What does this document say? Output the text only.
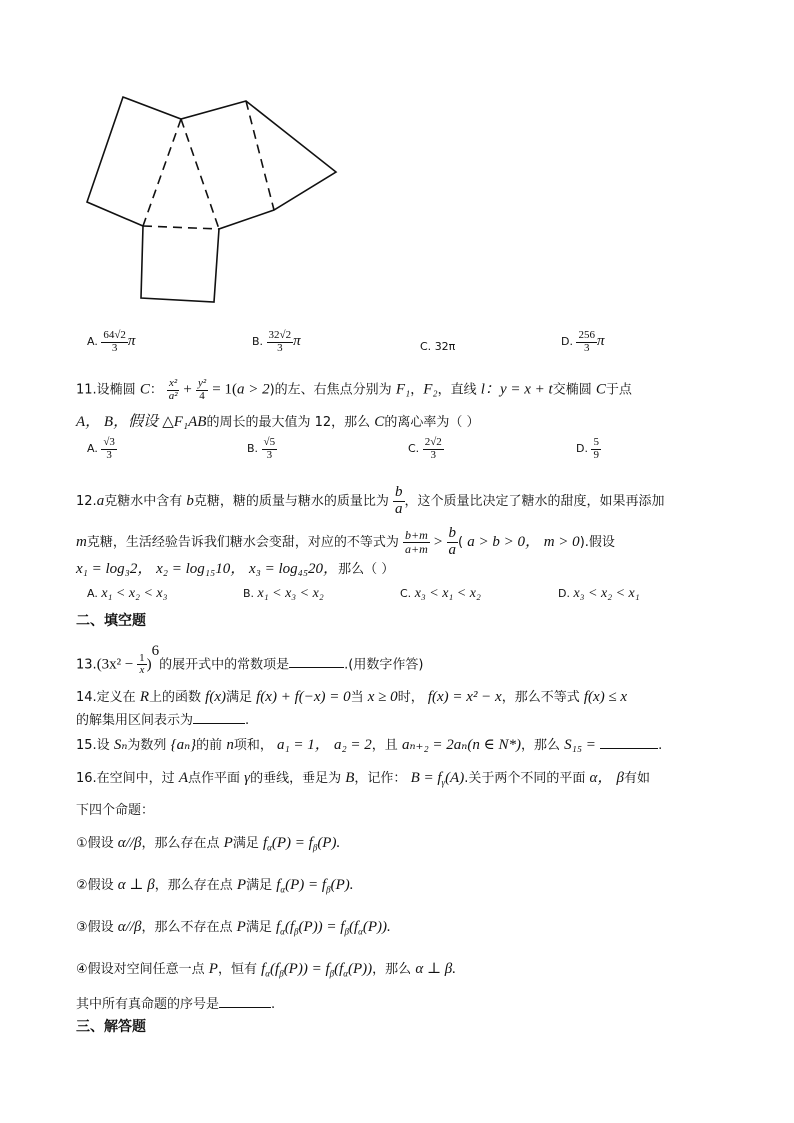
A. $\frac{64√2}{3}$ π	B. $\frac{32√2}{3}$ π	C. 32π	D. $\frac{256}{3}$ π
11.设椭圆 C： $\frac{\text{x²}}{\text{a²}} + \frac{\text{y²}}{4} = 1(a > 2)$的左、右焦点分别为 F₁，F₂，直线 l：y = x + t交椭圆 C于点
A， B，假设 △F₁AB的周长的最大值为 12，那么 C的离心率为（ ）
A. $\frac{√3}{3}$	B. $\frac{√5}{3}$	C. $\frac{2√2}{3}$	D. $\frac{5}{9}$
12.a克糖水中含有 b克糖，糖的质量与糖水的质量比为 $\frac{b}{a}$ ，这个质量比决定了糖水的甜度，如果再添加
m克糖，生活经验告诉我们糖水会变甜，对应的不等式为 $\frac{b+m}{a+m} > \frac{b}{a}$ ( a > b > 0， m > 0).假设
x₁ = log₃2， x₂ = log₁₅10， x₃ = log₄₅20，那么（ ）
A. x₁ < x₂ < x₃	B. x₁ < x₃ < x₂	C. x₃ < x₁ < x₂	D. x₃ < x₂ < x₁
二、填空题
$13.(3x^2 - \frac{1}{x} )^6$的展开式中的常数项是	.(用数字作答)
14.定义在 R上的函数 f(x)满足 f(x) + f(−x) = 0当 x ≥ 0时， f(x) = x² − x，那么不等式 f(x) ≤ x
的解集用区间表示为	.
15.设 Sₙ为数列 {aₙ}的前 n项和， a₁ = 1， a₂ = 2，且 aₙ₊₂ = 2aₙ(n ∈ N*)，那么 S₁₅ =	.
16.在空间中，过 A点作平面 γ的垂线，垂足为 B，记作： $B = f_\gamma(A)$.关于两个不同的平面 α， β有如
下四个命题：
①假设 α//β，那么存在点 P满足 $f_\alpha(P) = f_\beta(P)$.
②假设 α ⊥ β，那么存在点 P满足 $f_\alpha(P) = f_\beta(P)$.
③假设 α//β，那么不存在点 P满足 $f_\alpha(f_\beta(P)) = f_\beta(f_\alpha(P))$.
④假设对空间任意一点 P，恒有 $f_\alpha(f_\beta(P)) = f_\beta(f_\alpha(P))$，那么 α ⊥ β.
其中所有真命题的序号是	.
三、解答题
